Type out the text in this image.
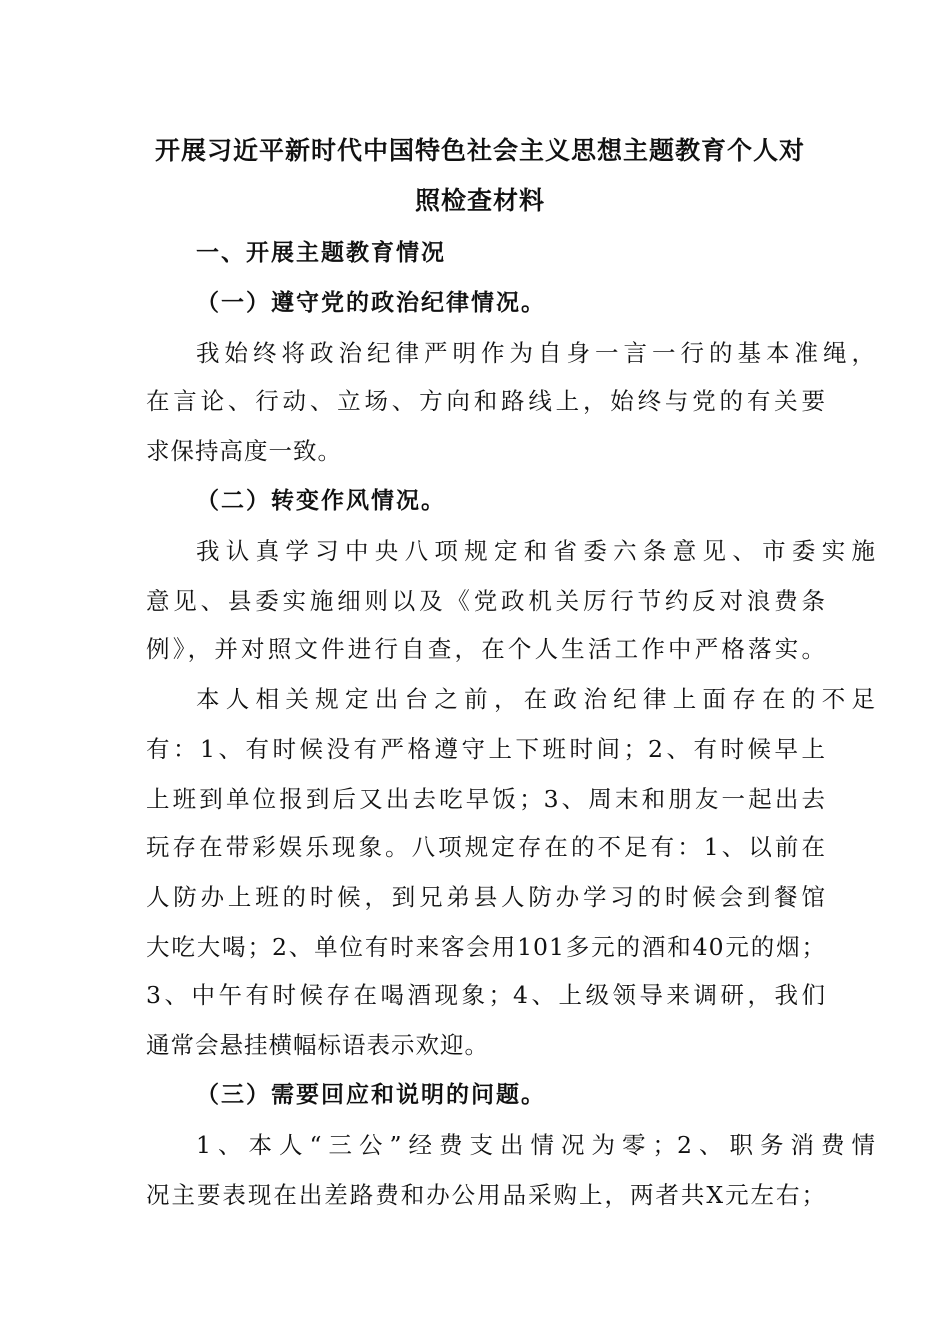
开展习近平新时代中国特色社会主义思想主题教育个人对
照检查材料
一、开展主题教育情况
（一）遵守党的政治纪律情况。
我始终将政治纪律严明作为自身一言一行的基本准绳，
在言论、行动、立场、方向和路线上，始终与党的有关要
求保持高度一致。
（二）转变作风情况。
我认真学习中央八项规定和省委六条意见、市委实施
意见、县委实施细则以及《党政机关厉行节约反对浪费条
例》，并对照文件进行自查，在个人生活工作中严格落实。
本人相关规定出台之前，在政治纪律上面存在的不足
有：1、有时候没有严格遵守上下班时间；2、有时候早上
上班到单位报到后又出去吃早饭；3、周末和朋友一起出去
玩存在带彩娱乐现象。八项规定存在的不足有：1、以前在
人防办上班的时候，到兄弟县人防办学习的时候会到餐馆
大吃大喝；2、单位有时来客会用101多元的酒和40元的烟；
3、中午有时候存在喝酒现象；4、上级领导来调研，我们
通常会悬挂横幅标语表示欢迎。
（三）需要回应和说明的问题。
1、本人“三公”经费支出情况为零；2、职务消费情
况主要表现在出差路费和办公用品采购上，两者共X元左右；
